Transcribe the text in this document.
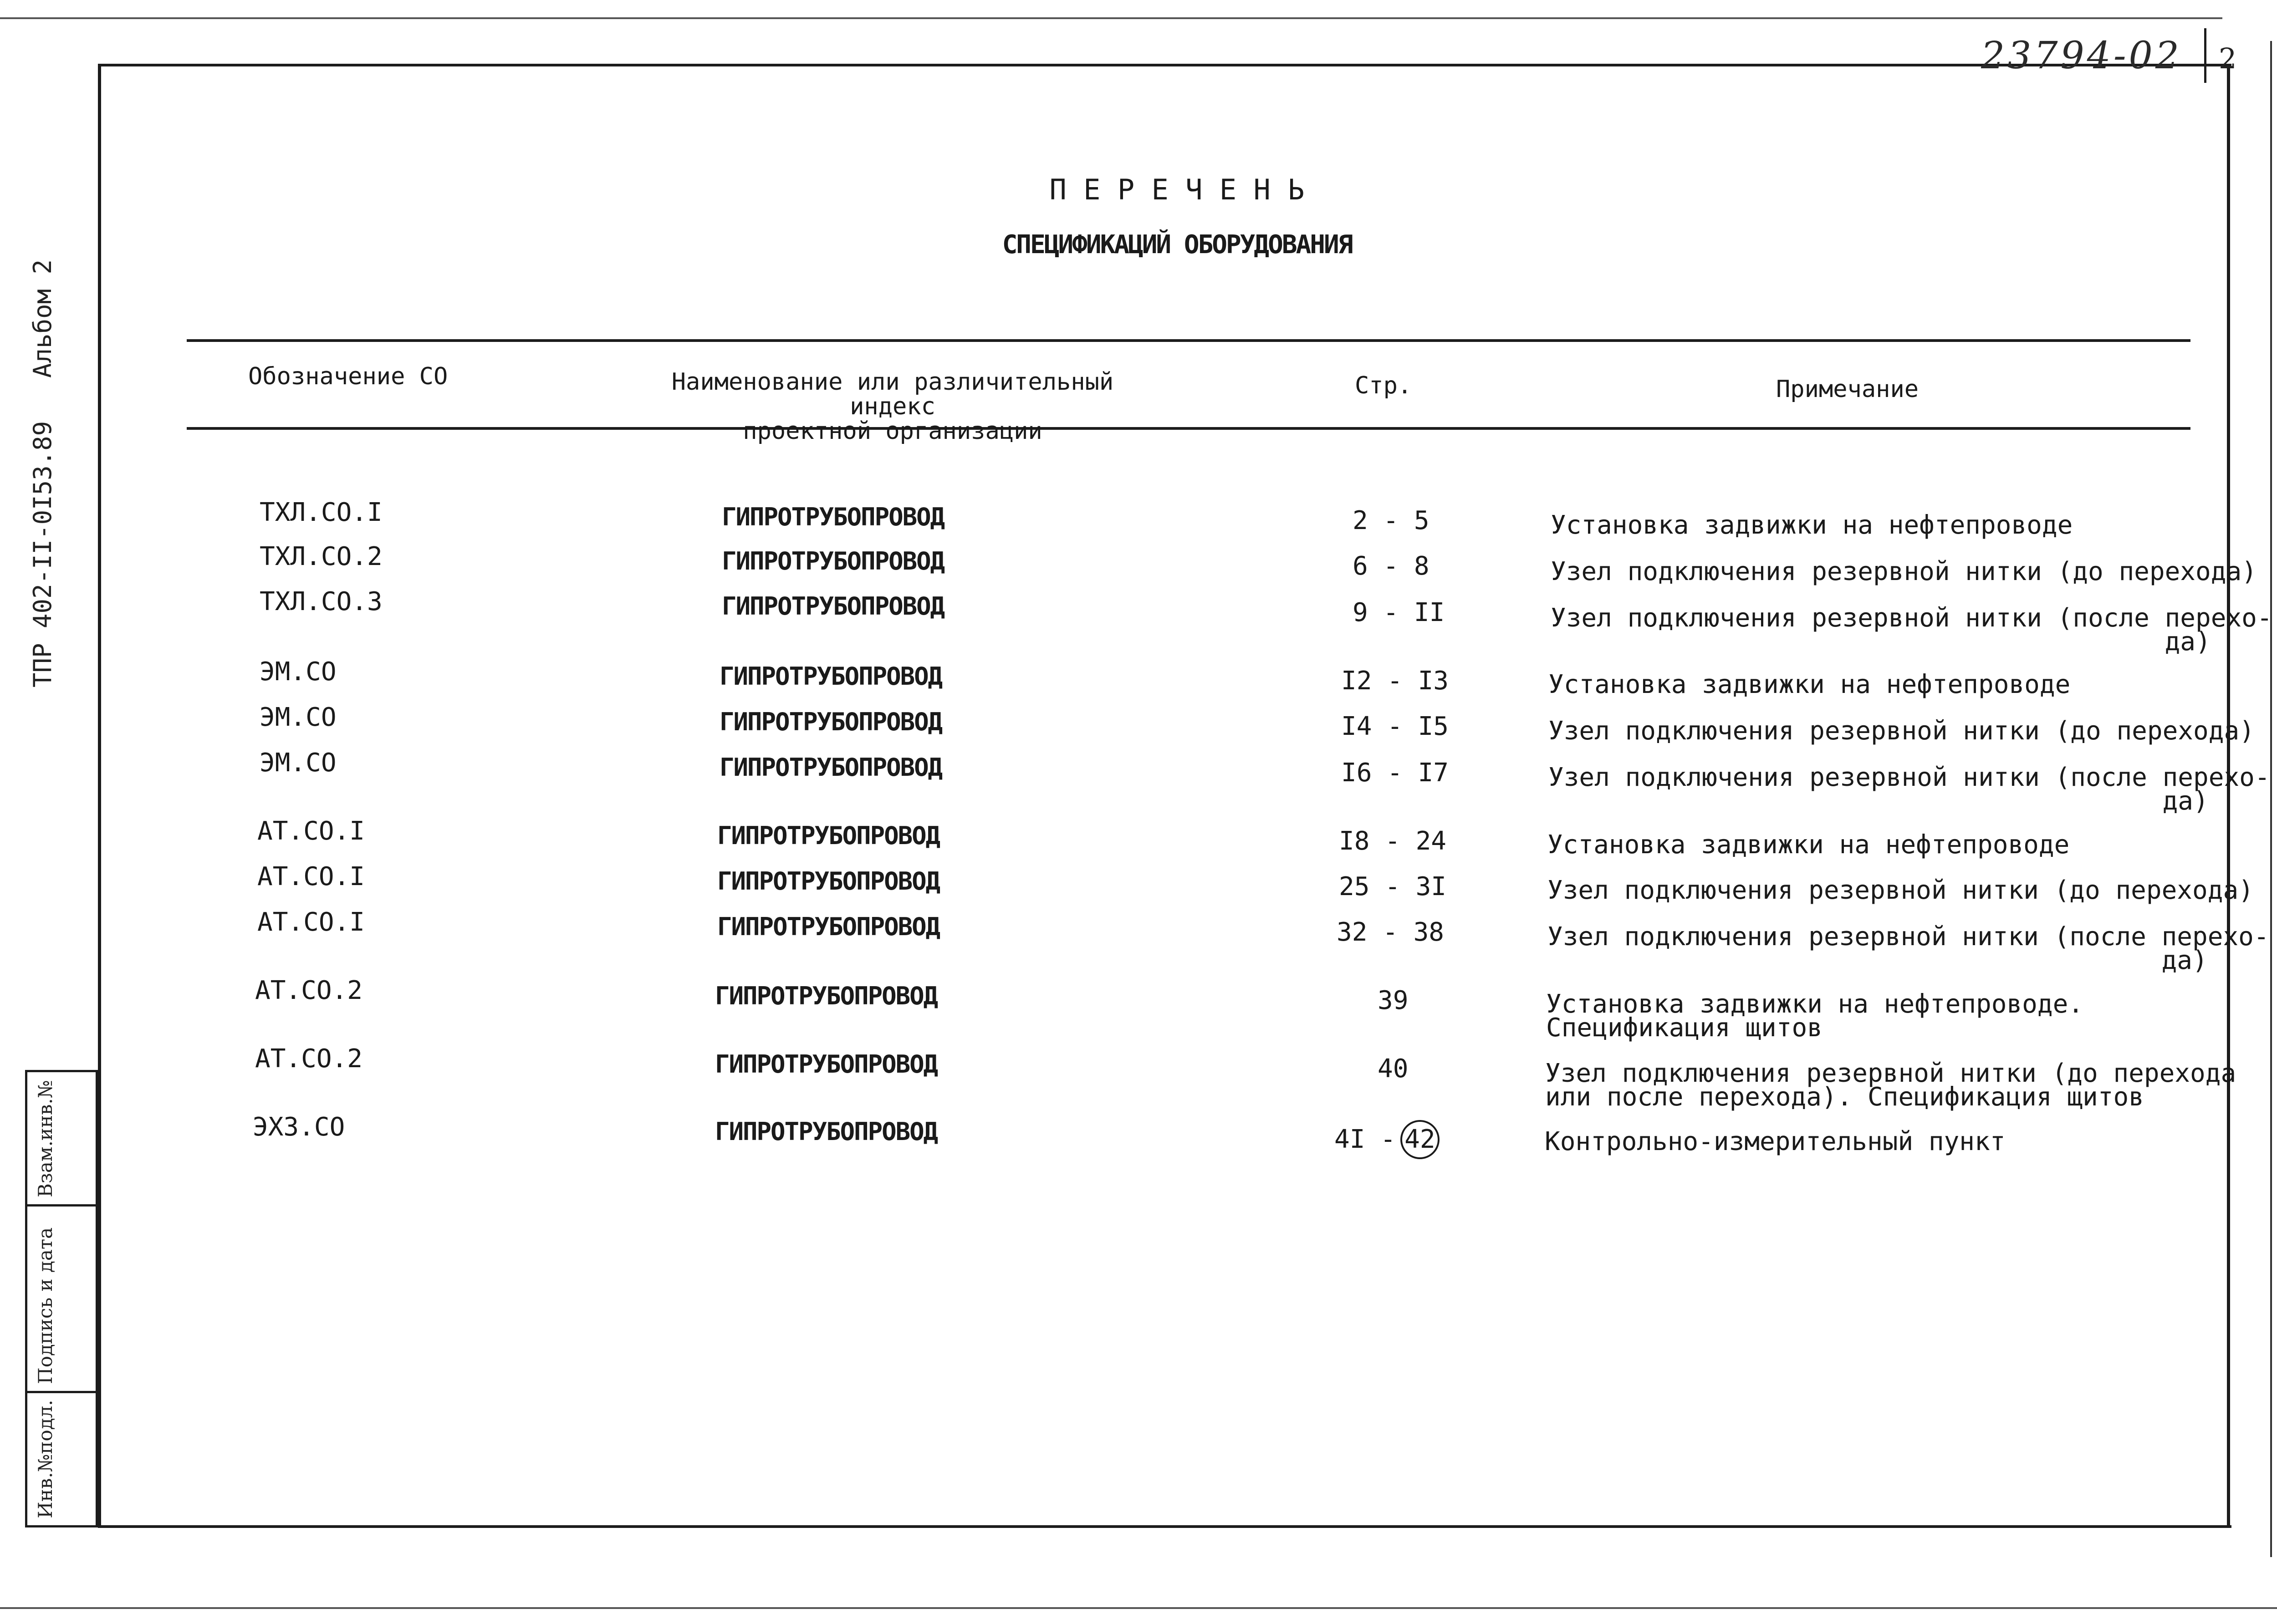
23794-02 2
ТПР 402-II-0I53.89
Альбом 2
Взам.инв.№
Подпись и дата
Инв.№подл.
П Е Р Е Ч Е Н Ь
СПЕЦИФИКАЦИЙ ОБОРУДОВАНИЯ
Обозначение СО	Наименование или различительный индекс
проектной организации
Стр.	Примечание
ТХЛ.СО.I	ГИПРОТРУБОПРОВОД	2 - 5	Установка задвижки на нефтепроводе
ТХЛ.СО.2	ГИПРОТРУБОПРОВОД	6 - 8	Узел подключения резервной нитки (до перехода)
ТХЛ.СО.3	ГИПРОТРУБОПРОВОД	9 - II	Узел подключения резервной нитки (после перехо-
да)
ЭМ.СО	ГИПРОТРУБОПРОВОД	I2 - I3	Установка задвижки на нефтепроводе
ЭМ.СО	ГИПРОТРУБОПРОВОД	I4 - I5	Узел подключения резервной нитки (до перехода)
ЭМ.СО	ГИПРОТРУБОПРОВОД	I6 - I7	Узел подключения резервной нитки (после перехо-
да)
АТ.СО.I	ГИПРОТРУБОПРОВОД	I8 - 24	Установка задвижки на нефтепроводе
АТ.СО.I	ГИПРОТРУБОПРОВОД	25 - 3I	Узел подключения резервной нитки (до перехода)
АТ.СО.I	ГИПРОТРУБОПРОВОД	32 - 38	Узел подключения резервной нитки (после перехо-
да)
АТ.СО.2	ГИПРОТРУБОПРОВОД	39	Установка задвижки на нефтепроводе.
Спецификация щитов
АТ.СО.2	ГИПРОТРУБОПРОВОД	40	Узел подключения резервной нитки (до перехода
или после перехода). Спецификация щитов
ЭХЗ.СО	ГИПРОТРУБОПРОВОД	4I - 42	Контрольно-измерительный пункт
